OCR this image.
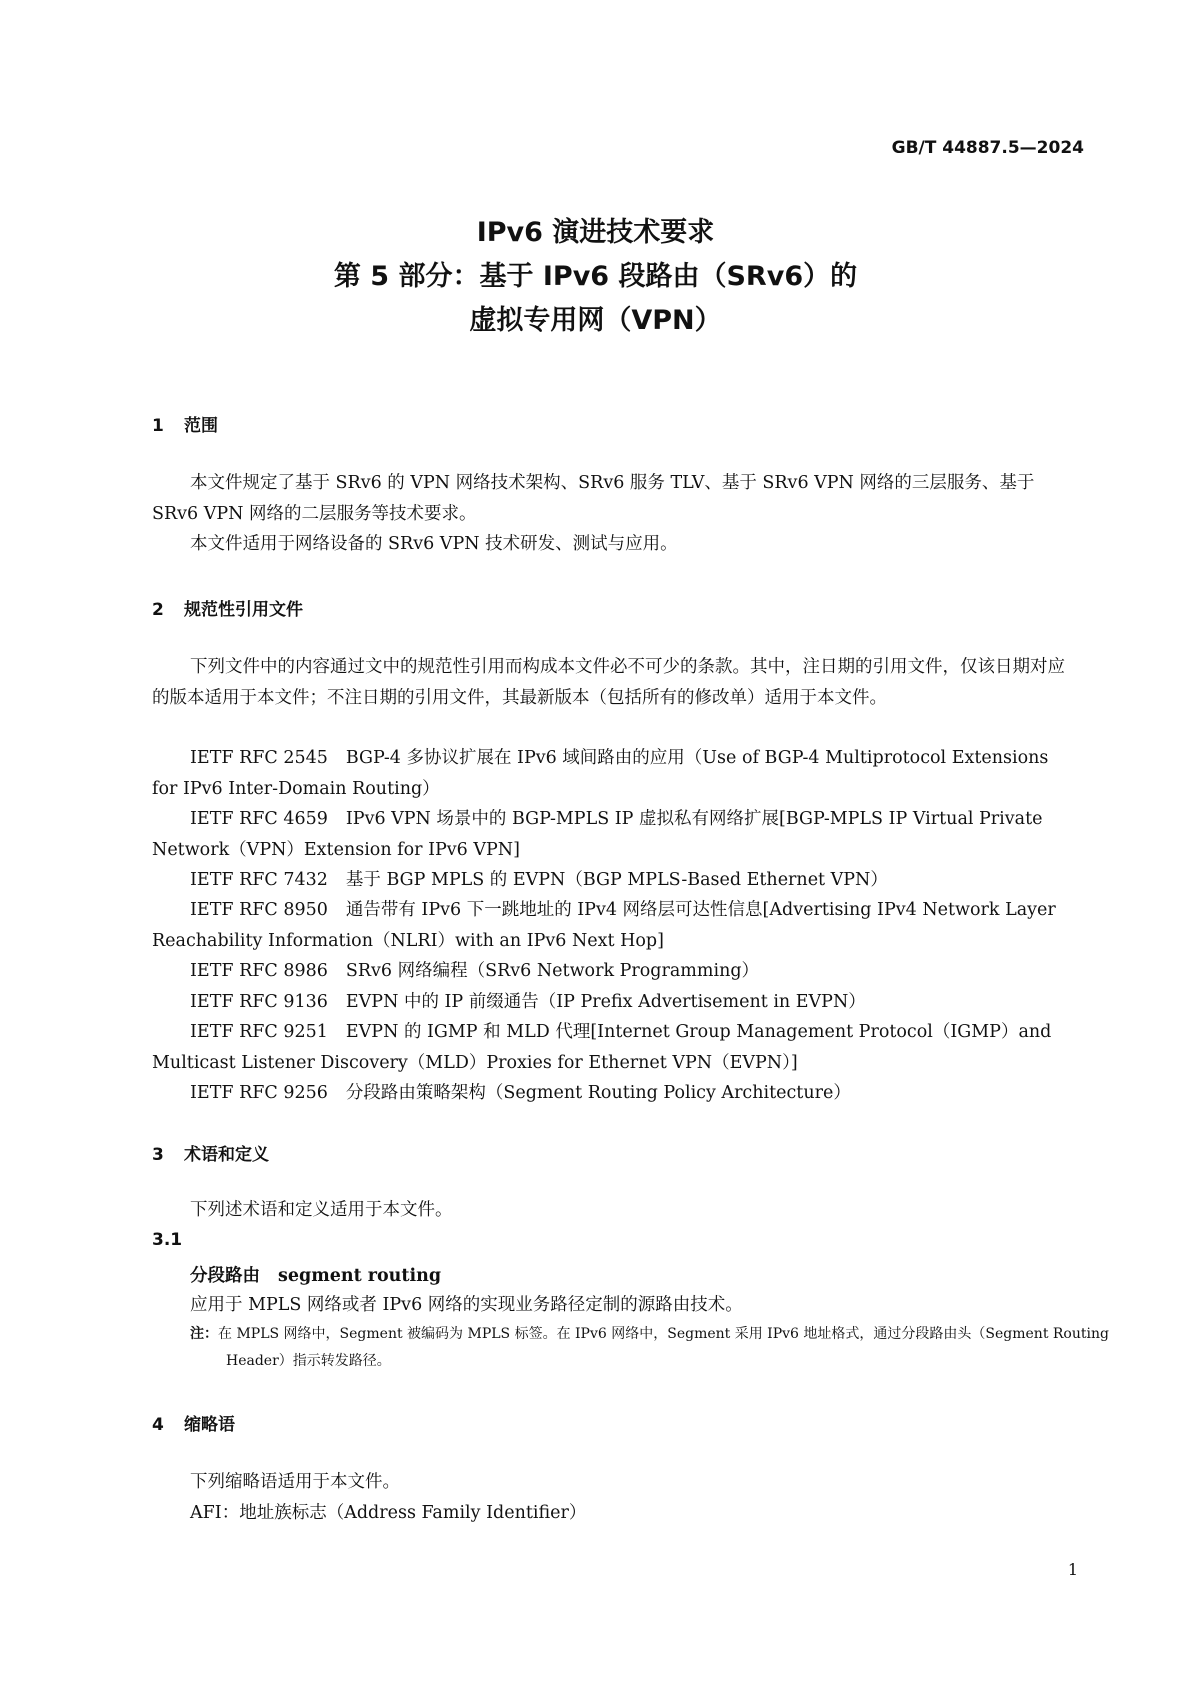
GB/T 44887.5—2024
IPv6 演进技术要求
第 5 部分：基于 IPv6 段路由（SRv6）的
虚拟专用网（VPN）
1 范围
本文件规定了基于 SRv6 的 VPN 网络技术架构、SRv6 服务 TLV、基于 SRv6 VPN 网络的三层服务、基于 SRv6 VPN 网络的二层服务等技术要求。
本文件适用于网络设备的 SRv6 VPN 技术研发、测试与应用。
2 规范性引用文件
下列文件中的内容通过文中的规范性引用而构成本文件必不可少的条款。其中，注日期的引用文件，仅该日期对应的版本适用于本文件；不注日期的引用文件，其最新版本（包括所有的修改单）适用于本文件。
IETF RFC 2545 BGP-4 多协议扩展在 IPv6 域间路由的应用（Use of BGP-4 Multiprotocol Extensions for IPv6 Inter-Domain Routing）
IETF RFC 4659 IPv6 VPN 场景中的 BGP-MPLS IP 虚拟私有网络扩展[BGP-MPLS IP Virtual Private Network（VPN）Extension for IPv6 VPN]
IETF RFC 7432 基于 BGP MPLS 的 EVPN（BGP MPLS-Based Ethernet VPN）
IETF RFC 8950 通告带有 IPv6 下一跳地址的 IPv4 网络层可达性信息[Advertising IPv4 Network Layer Reachability Information（NLRI）with an IPv6 Next Hop]
IETF RFC 8986 SRv6 网络编程（SRv6 Network Programming）
IETF RFC 9136 EVPN 中的 IP 前缀通告（IP Prefix Advertisement in EVPN）
IETF RFC 9251 EVPN 的 IGMP 和 MLD 代理[Internet Group Management Protocol（IGMP）and Multicast Listener Discovery（MLD）Proxies for Ethernet VPN（EVPN）]
IETF RFC 9256 分段路由策略架构（Segment Routing Policy Architecture）
3 术语和定义
下列述术语和定义适用于本文件。
3.1
分段路由 segment routing
应用于 MPLS 网络或者 IPv6 网络的实现业务路径定制的源路由技术。
注：在 MPLS 网络中，Segment 被编码为 MPLS 标签。在 IPv6 网络中，Segment 采用 IPv6 地址格式，通过分段路由头（Segment Routing Header）指示转发路径。
4 缩略语
下列缩略语适用于本文件。
AFI：地址族标志（Address Family Identifier）
1
